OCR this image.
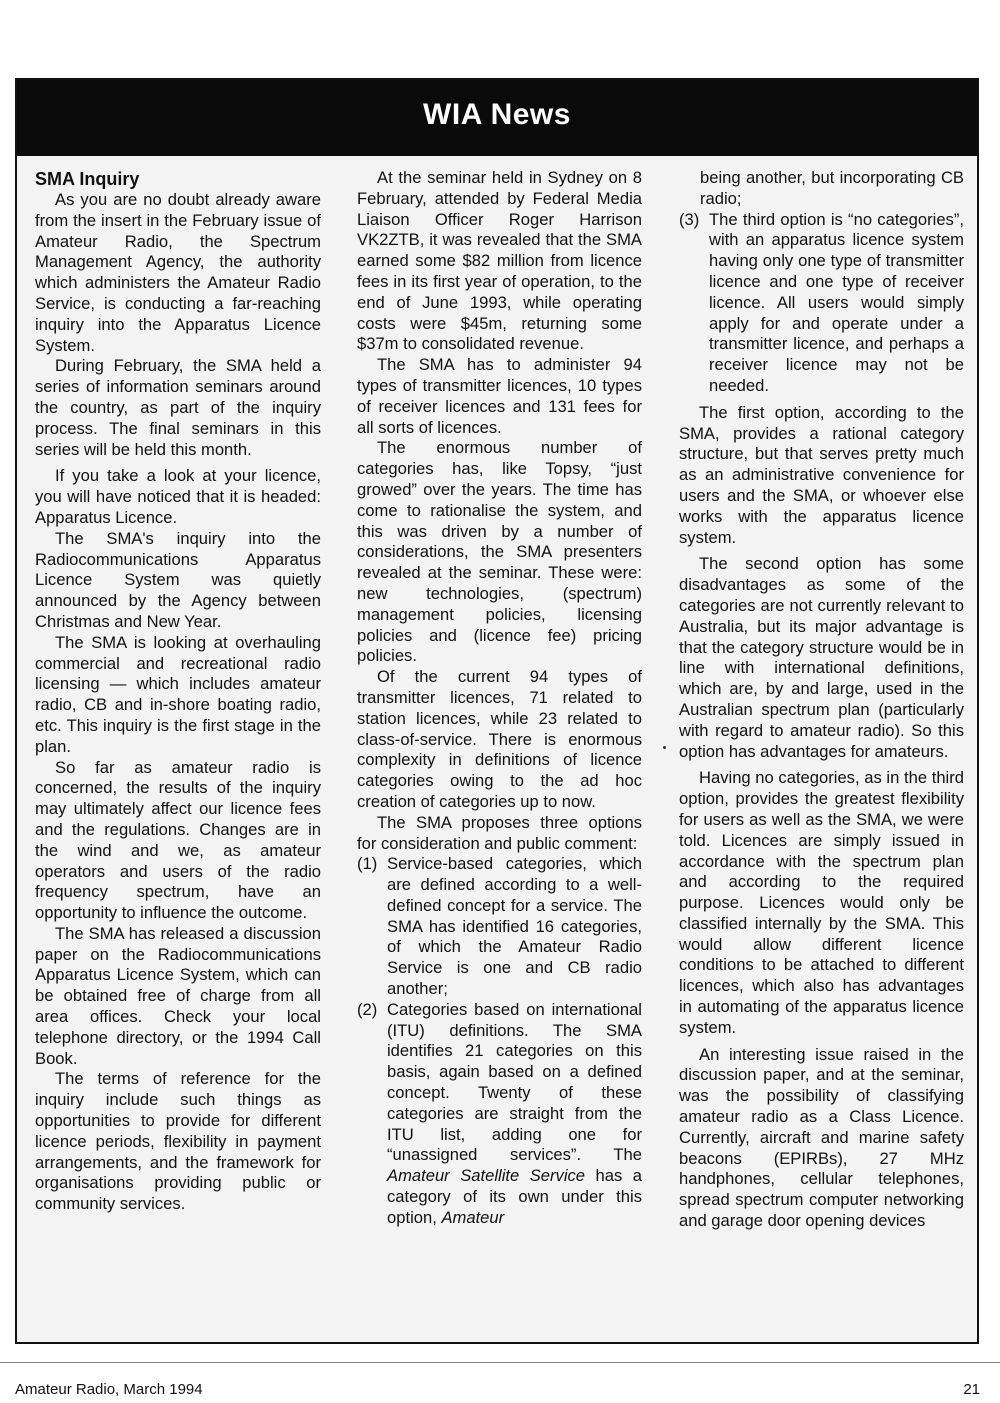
WIA News
SMA Inquiry

As you are no doubt already aware from the insert in the February issue of Amateur Radio, the Spectrum Management Agency, the authority which administers the Amateur Radio Service, is conducting a far-reaching inquiry into the Apparatus Licence System.

During February, the SMA held a series of information seminars around the country, as part of the inquiry process. The final seminars in this series will be held this month.

If you take a look at your licence, you will have noticed that it is headed: Apparatus Licence.

The SMA's inquiry into the Radiocommunications Apparatus Licence System was quietly announced by the Agency between Christmas and New Year.

The SMA is looking at overhauling commercial and recreational radio licensing — which includes amateur radio, CB and in-shore boating radio, etc. This inquiry is the first stage in the plan.

So far as amateur radio is concerned, the results of the inquiry may ultimately affect our licence fees and the regulations. Changes are in the wind and we, as amateur operators and users of the radio frequency spectrum, have an opportunity to influence the outcome.

The SMA has released a discussion paper on the Radiocommunications Apparatus Licence System, which can be obtained free of charge from all area offices. Check your local telephone directory, or the 1994 Call Book.

The terms of reference for the inquiry include such things as opportunities to provide for different licence periods, flexibility in payment arrangements, and the framework for organisations providing public or community services.

At the seminar held in Sydney on 8 February, attended by Federal Media Liaison Officer Roger Harrison VK2ZTB, it was revealed that the SMA earned some $82 million from licence fees in its first year of operation, to the end of June 1993, while operating costs were $45m, returning some $37m to consolidated revenue.

The SMA has to administer 94 types of transmitter licences, 10 types of receiver licences and 131 fees for all sorts of licences.

The enormous number of categories has, like Topsy, “just growed” over the years. The time has come to rationalise the system, and this was driven by a number of considerations, the SMA presenters revealed at the seminar. These were: new technologies, (spectrum) management policies, licensing policies and (licence fee) pricing policies.

Of the current 94 types of transmitter licences, 71 related to station licences, while 23 related to class-of-service. There is enormous complexity in definitions of licence categories owing to the ad hoc creation of categories up to now.

The SMA proposes three options for consideration and public comment:

(1) Service-based categories, which are defined according to a well-defined concept for a service. The SMA has identified 16 categories, of which the Amateur Radio Service is one and CB radio another;
(2) Categories based on international (ITU) definitions. The SMA identifies 21 categories on this basis, again based on a defined concept. Twenty of these categories are straight from the ITU list, adding one for “unassigned services”. The Amateur Satellite Service has a category of its own under this option, Amateur
being another, but incorporating CB radio;
(3) The third option is “no categories”, with an apparatus licence system having only one type of transmitter licence and one type of receiver licence. All users would simply apply for and operate under a transmitter licence, and perhaps a receiver licence may not be needed.

The first option, according to the SMA, provides a rational category structure, but that serves pretty much as an administrative convenience for users and the SMA, or whoever else works with the apparatus licence system.

The second option has some disadvantages as some of the categories are not currently relevant to Australia, but its major advantage is that the category structure would be in line with international definitions, which are, by and large, used in the Australian spectrum plan (particularly with regard to amateur radio). So this option has advantages for amateurs.

Having no categories, as in the third option, provides the greatest flexibility for users as well as the SMA, we were told. Licences are simply issued in accordance with the spectrum plan and according to the required purpose. Licences would only be classified internally by the SMA. This would allow different licence conditions to be attached to different licences, which also has advantages in automating of the apparatus licence system.

An interesting issue raised in the discussion paper, and at the seminar, was the possibility of classifying amateur radio as a Class Licence. Currently, aircraft and marine safety beacons (EPIRBs), 27 MHz handphones, cellular telephones, spread spectrum computer networking and garage door opening devices

Amateur Radio, March 1994	21
